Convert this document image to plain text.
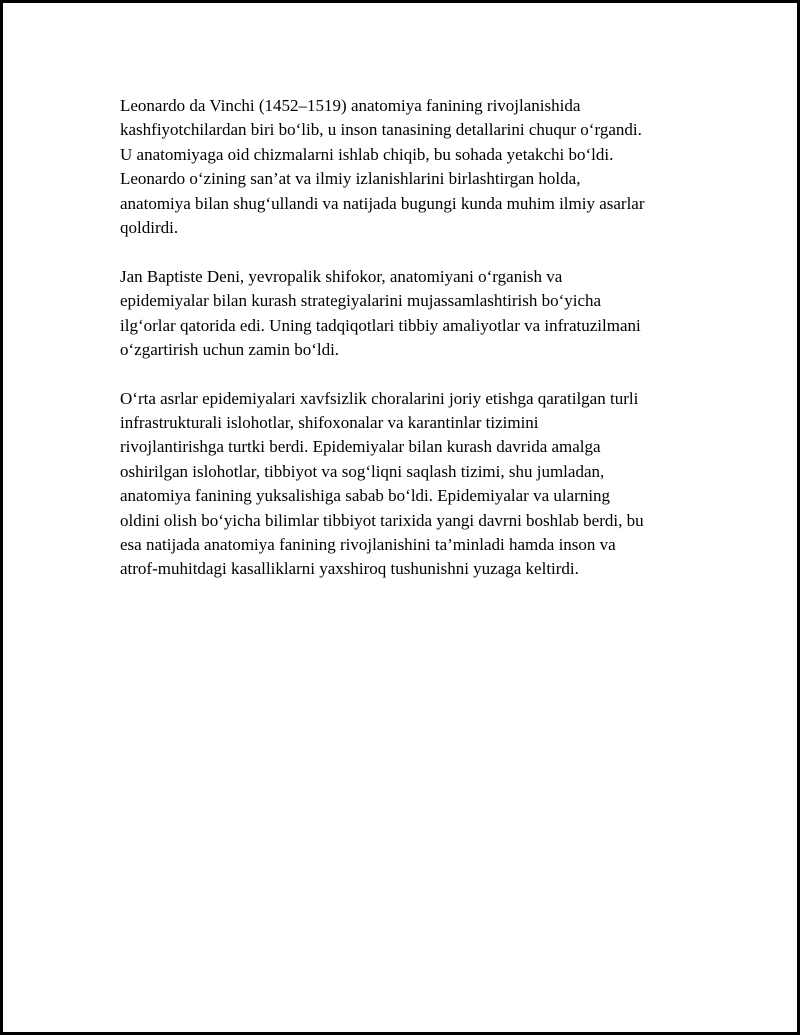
Leonardo da Vinchi (1452–1519) anatomiya fanining rivojlanishida
kashfiyotchilardan biri bo‘lib, u inson tanasining detallarini chuqur o‘rgandi.
U anatomiyaga oid chizmalarni ishlab chiqib, bu sohada yetakchi bo‘ldi.
Leonardo o‘zining san’at va ilmiy izlanishlarini birlashtirgan holda,
anatomiya bilan shug‘ullandi va natijada bugungi kunda muhim ilmiy asarlar
qoldirdi.

Jan Baptiste Deni, yevropalik shifokor, anatomiyani o‘rganish va
epidemiyalar bilan kurash strategiyalarini mujassamlashtirish bo‘yicha
ilg‘orlar qatorida edi. Uning tadqiqotlari tibbiy amaliyotlar va infratuzilmani
o‘zgartirish uchun zamin bo‘ldi.

O‘rta asrlar epidemiyalari xavfsizlik choralarini joriy etishga qaratilgan turli
infrastrukturali islohotlar, shifoxonalar va karantinlar tizimini
rivojlantirishga turtki berdi. Epidemiyalar bilan kurash davrida amalga
oshirilgan islohotlar, tibbiyot va sog‘liqni saqlash tizimi, shu jumladan,
anatomiya fanining yuksalishiga sabab bo‘ldi. Epidemiyalar va ularning
oldini olish bo‘yicha bilimlar tibbiyot tarixida yangi davrni boshlab berdi, bu
esa natijada anatomiya fanining rivojlanishini ta’minladi hamda inson va
atrof-muhitdagi kasalliklarni yaxshiroq tushunishni yuzaga keltirdi.
